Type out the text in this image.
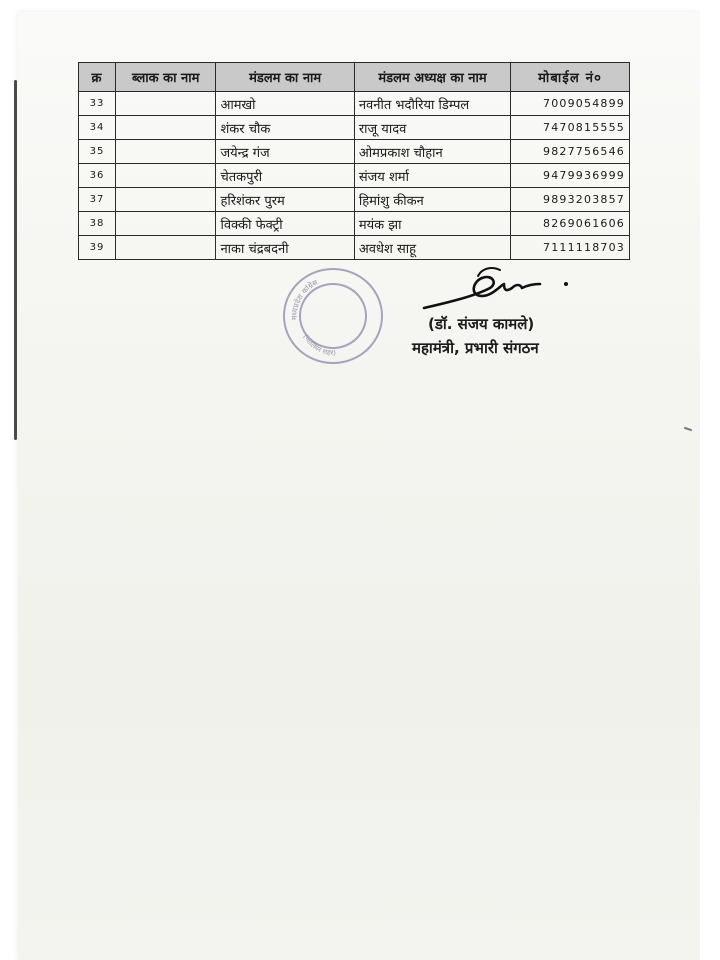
क्र	ब्लाक का नाम	मंडलम का नाम	मंडलम अध्यक्ष का नाम	मोबाईल नं०
33		आमखो	नवनीत भदौरिया डिम्पल	7009054899
34		शंकर चौक	राजू यादव	7470815555
35		जयेन्द्र गंज	ओमप्रकाश चौहान	9827756546
36		चेतकपुरी	संजय शर्मा	9479936999
37		हरिशंकर पुरम	हिमांशु कीकन	9893203857
38		विक्की फेक्ट्री	मयंक झा	8269061606
39		नाका चंद्रबदनी	अवधेश साहू	7111118703
मध्यप्रदेश कांग्रेस
(ग्वालियर शहर)
(डॉ. संजय कामले)
महामंत्री, प्रभारी संगठन
